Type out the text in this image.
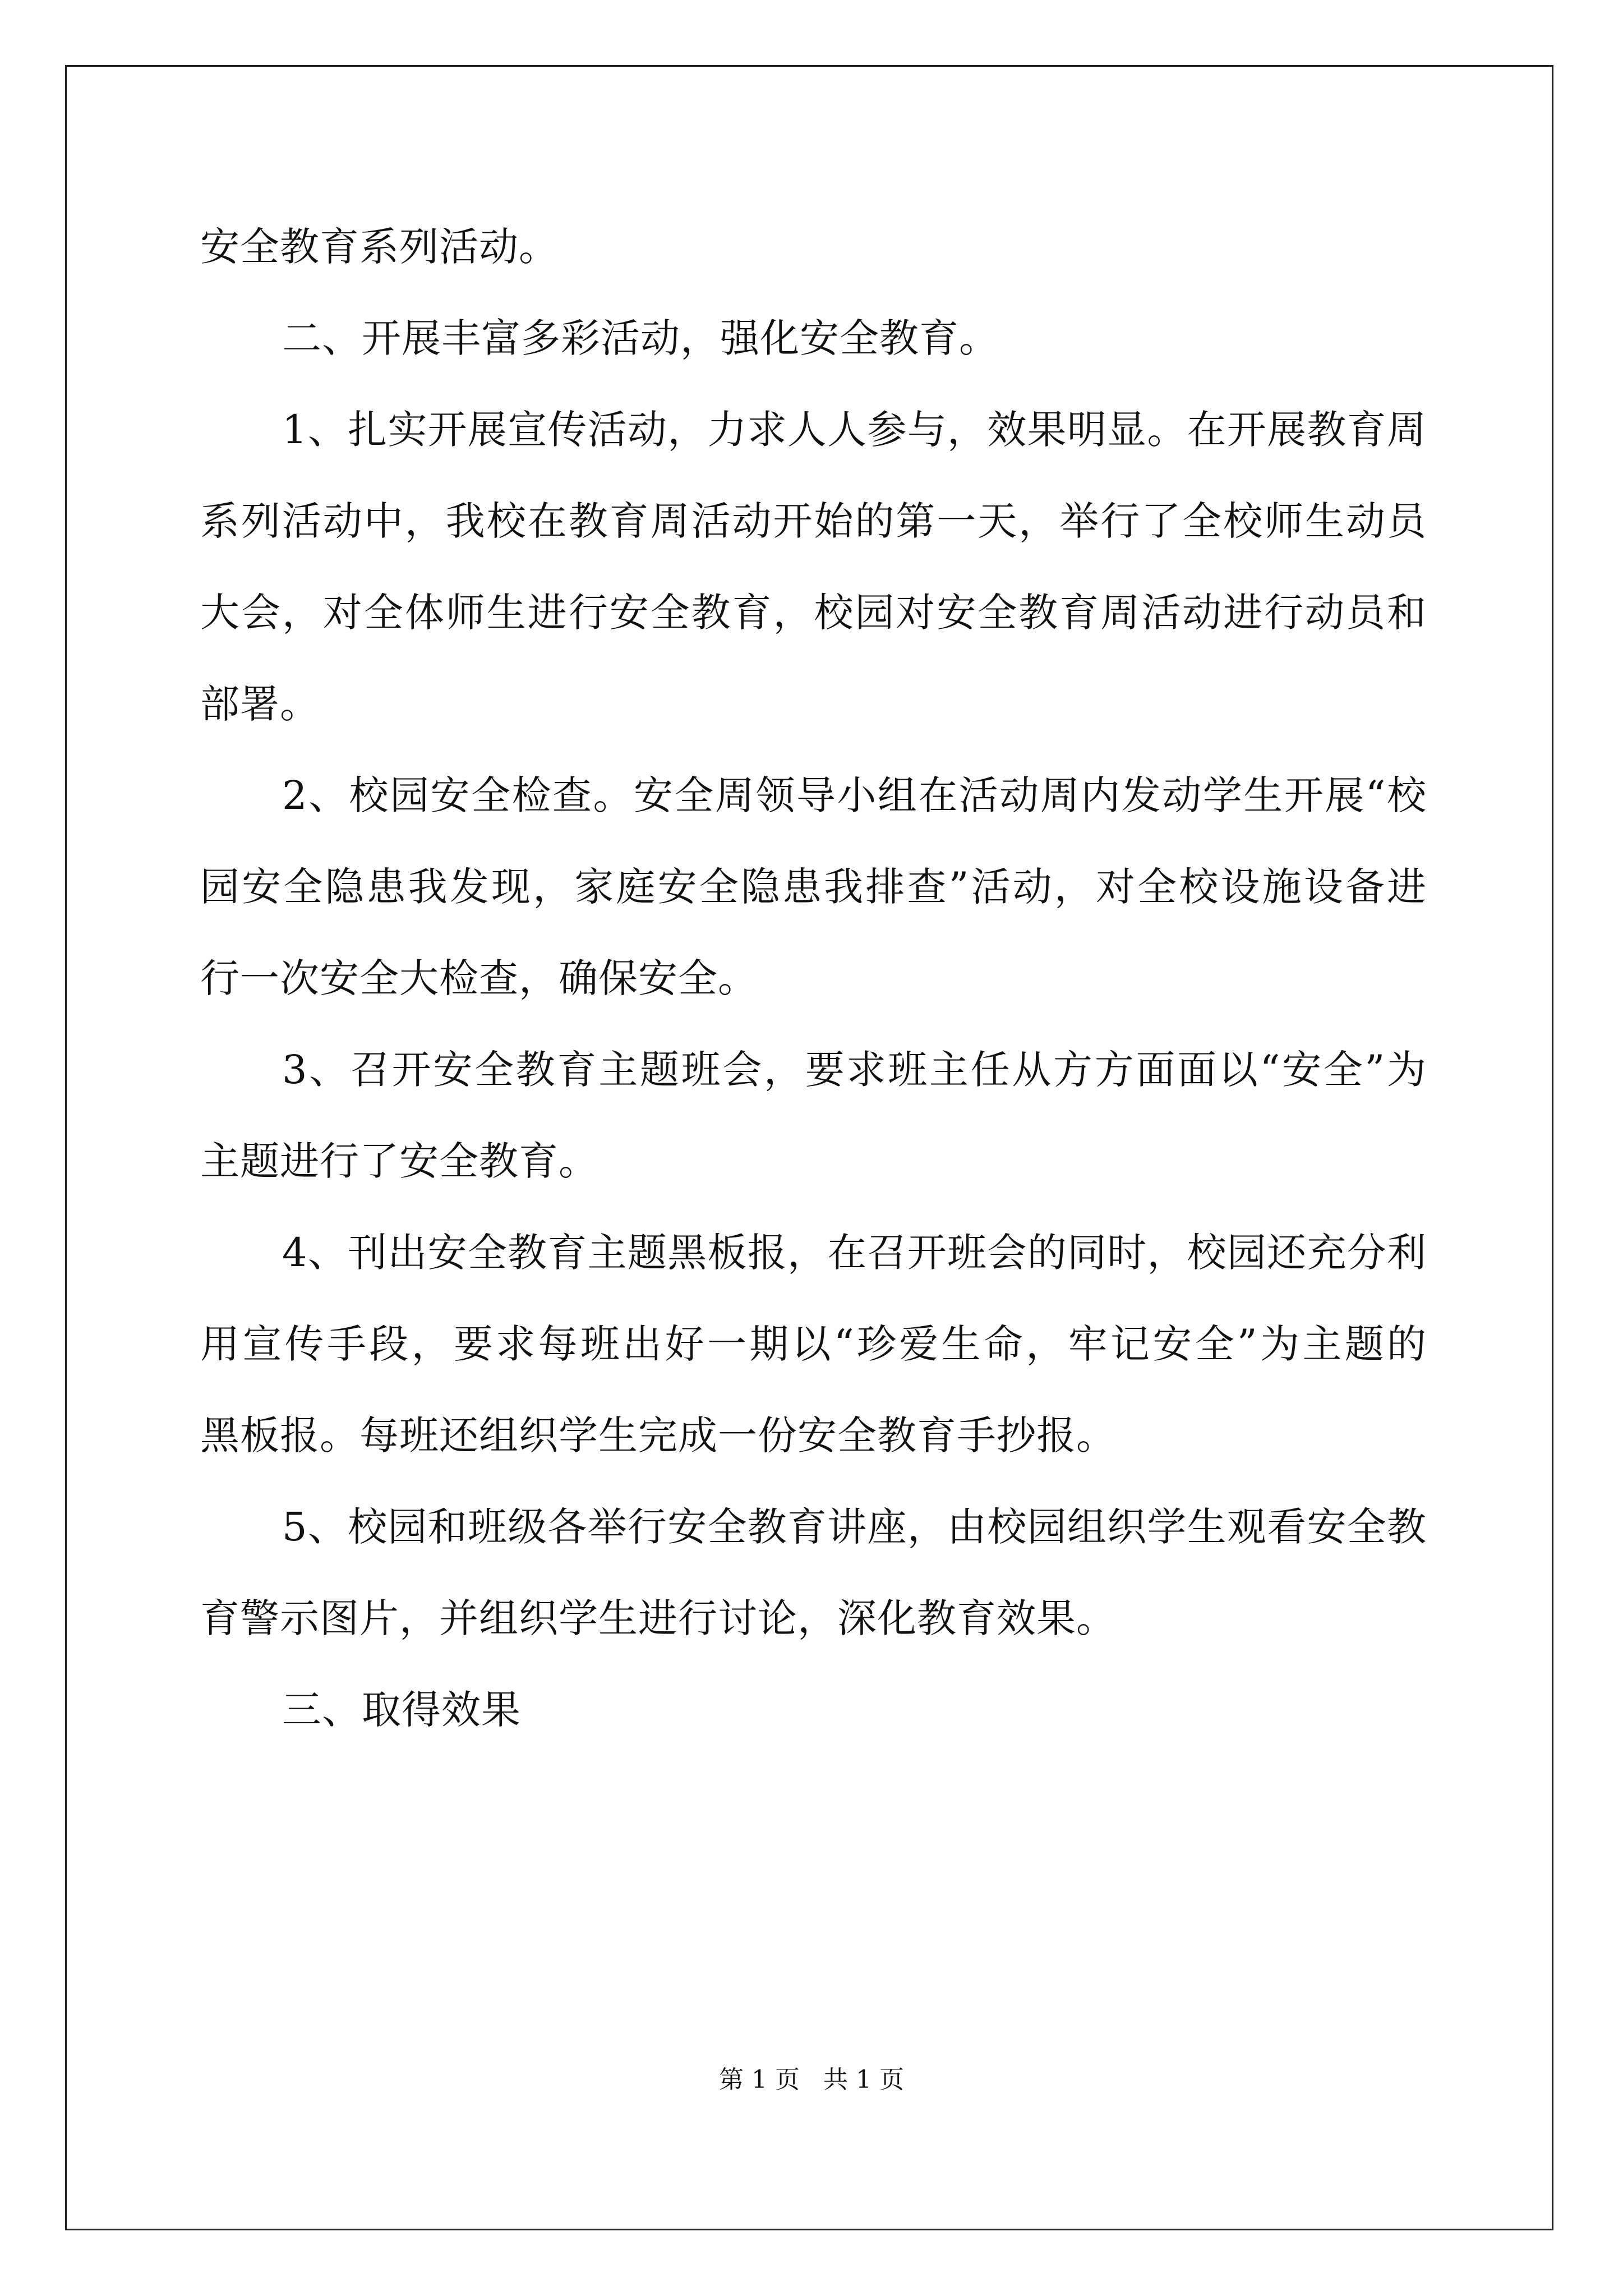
安全教育系列活动。
二、开展丰富多彩活动，强化安全教育。
1、扎实开展宣传活动，力求人人参与，效果明显。在开展教育周
系列活动中，我校在教育周活动开始的第一天，举行了全校师生动员
大会，对全体师生进行安全教育，校园对安全教育周活动进行动员和
部署。
2、校园安全检查。安全周领导小组在活动周内发动学生开展“校
园安全隐患我发现，家庭安全隐患我排查”活动，对全校设施设备进
行一次安全大检查，确保安全。
3、召开安全教育主题班会，要求班主任从方方面面以“安全”为
主题进行了安全教育。
4、刊出安全教育主题黑板报，在召开班会的同时，校园还充分利
用宣传手段，要求每班出好一期以“珍爱生命，牢记安全”为主题的
黑板报。每班还组织学生完成一份安全教育手抄报。
5、校园和班级各举行安全教育讲座，由校园组织学生观看安全教
育警示图片，并组织学生进行讨论，深化教育效果。
三、取得效果
第 1 页   共 1 页
